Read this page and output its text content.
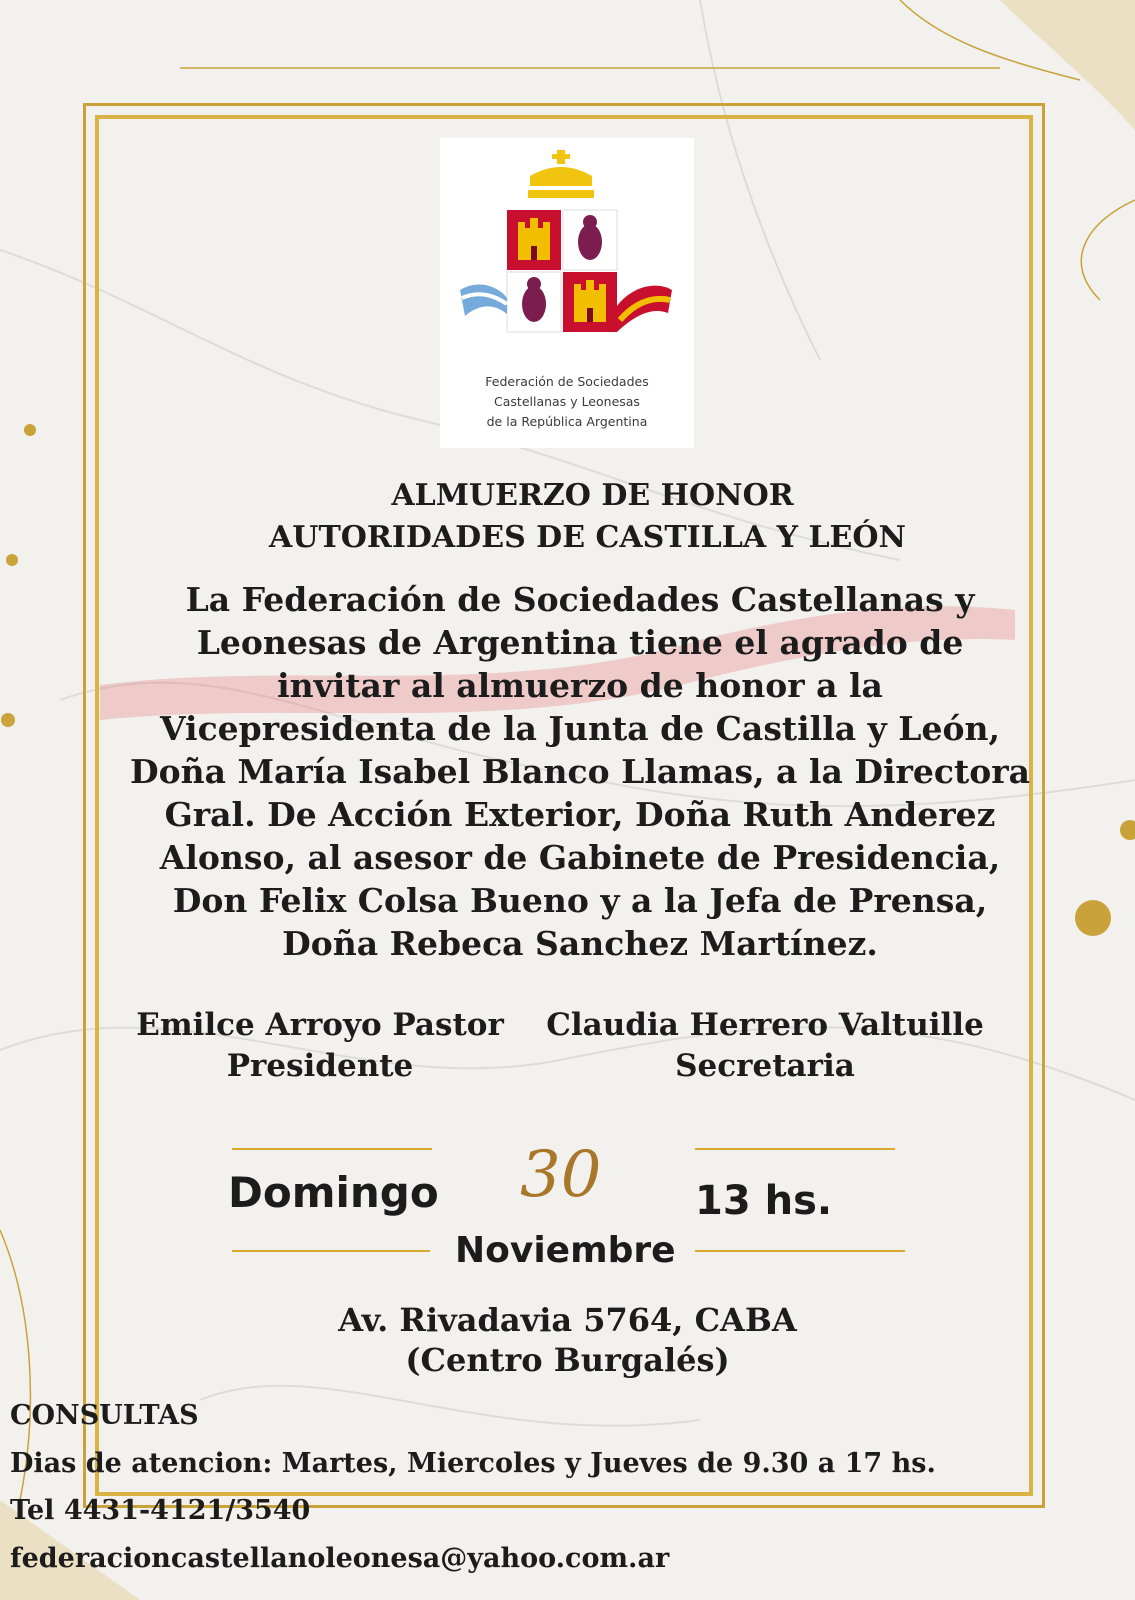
Federación de Sociedades
Castellanas y Leonesas
de la República Argentina
ALMUERZO DE HONOR
AUTORIDADES DE CASTILLA Y LEÓN
La Federación de Sociedades Castellanas y
Leonesas de Argentina tiene el agrado de
invitar al almuerzo de honor a la
Vicepresidenta de la Junta de Castilla y León,
Doña María Isabel Blanco Llamas, a la Directora
Gral. De Acción Exterior, Doña Ruth Anderez
Alonso, al asesor de Gabinete de Presidencia,
Don Felix Colsa Bueno y a la Jefa de Prensa,
Doña Rebeca Sanchez Martínez.
Emilce Arroyo Pastor
Presidente
Claudia Herrero Valtuille
Secretaria
Domingo 30 13 hs.
Noviembre
Av. Rivadavia 5764, CABA
(Centro Burgalés)
CONSULTAS
Dias de atencion: Martes, Miercoles y Jueves de 9.30 a 17 hs.
Tel 4431-4121/3540
federacioncastellanoleonesa@yahoo.com.ar
